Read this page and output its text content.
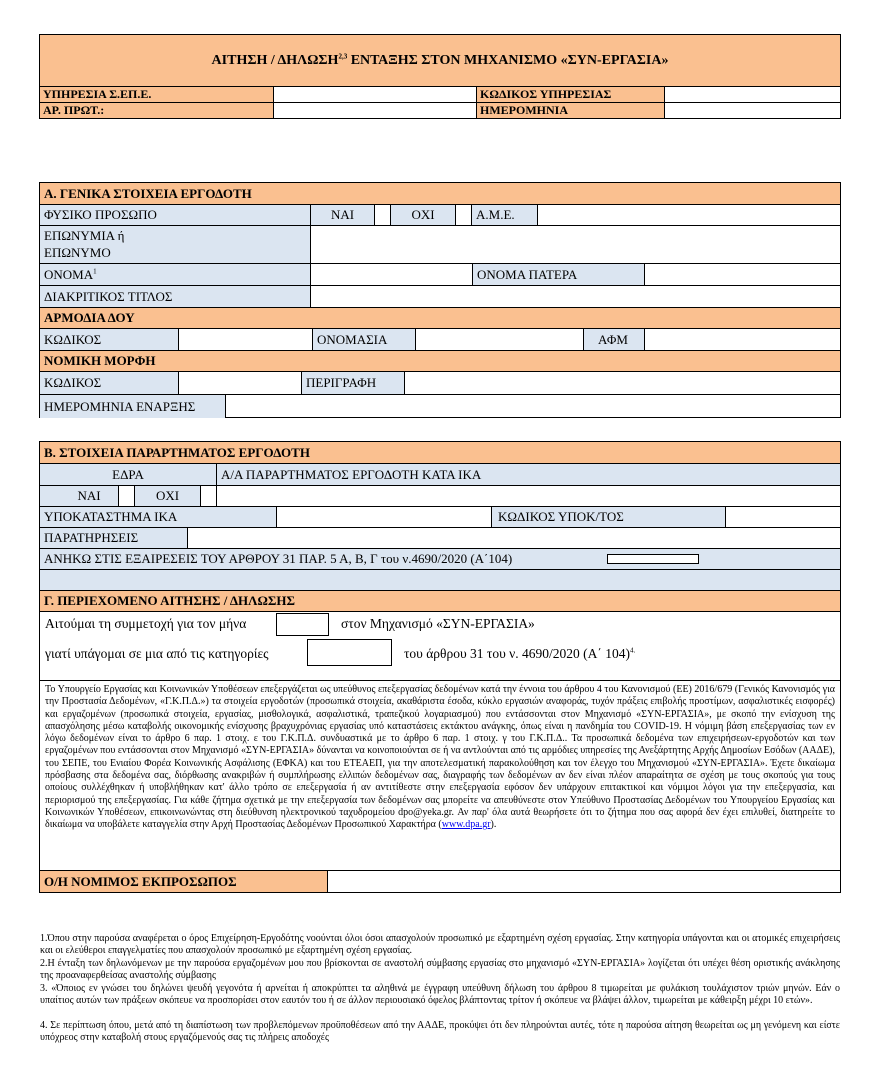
ΑΙΤΗΣΗ / ΔΗΛΩΣΗ$^{2,3}$ ΕΝΤΑΞΗΣ ΣΤΟΝ ΜΗΧΑΝΙΣΜΟ «ΣΥΝ-ΕΡΓΑΣΙΑ»
ΥΠΗΡΕΣΙΑ Σ.ΕΠ.Ε.	ΚΩΔΙΚΟΣ ΥΠΗΡΕΣΙΑΣ
ΑΡ. ΠΡΩΤ.:	ΗΜΕΡΟΜΗΝΙΑ
Α. ΓΕΝΙΚΑ ΣΤΟΙΧΕΙΑ ΕΡΓΟΔΟΤΗ
ΦΥΣΙΚΟ ΠΡΟΣΩΠΟ	ΝΑΙ	ΟΧΙ	Α.Μ.Ε.
ΕΠΩΝΥΜΙΑ ή
ΕΠΩΝΥΜΟ
ΟΝΟΜΑ$^1$	ΟΝΟΜΑ ΠΑΤΕΡΑ
ΔΙΑΚΡΙΤΙΚΟΣ ΤΙΤΛΟΣ
ΑΡΜΟΔΙΑ ΔΟΥ
ΚΩΔΙΚΟΣ	ΟΝΟΜΑΣΙΑ	ΑΦΜ
ΝΟΜΙΚΗ ΜΟΡΦΗ
ΚΩΔΙΚΟΣ	ΠΕΡΙΓΡΑΦΗ
ΗΜΕΡΟΜΗΝΙΑ ΕΝΑΡΞΗΣ
Β. ΣΤΟΙΧΕΙΑ ΠΑΡΑΡΤΗΜΑΤΟΣ ΕΡΓΟΔΟΤΗ
ΕΔΡΑ	Α/Α ΠΑΡΑΡΤΗΜΑΤΟΣ ΕΡΓΟΔΟΤΗ ΚΑΤΑ ΙΚΑ
ΝΑΙ	ΟΧΙ
ΥΠΟΚΑΤΑΣΤΗΜΑ ΙΚΑ	ΚΩΔΙΚΟΣ ΥΠΟΚ/ΤΟΣ
ΠΑΡΑΤΗΡΗΣΕΙΣ
ΑΝΗΚΩ ΣΤΙΣ ΕΞΑΙΡΕΣΕΙΣ ΤΟΥ ΑΡΘΡΟΥ 31 ΠΑΡ. 5 Α, Β, Γ του ν.4690/2020 (Α΄104)
Γ. ΠΕΡΙΕΧΟΜΕΝΟ ΑΙΤΗΣΗΣ / ΔΗΛΩΣΗΣ
Αιτούμαι τη συμμετοχή για τον μήνα	στον Μηχανισμό «ΣΥΝ-ΕΡΓΑΣΙΑ»
γιατί υπάγομαι σε μια από τις κατηγορίες	του άρθρου 31 του ν. 4690/2020 (Α΄ 104)$^{4.}$
Το Υπουργείο Εργασίας και Κοινωνικών Υποθέσεων επεξεργάζεται ως υπεύθυνος επεξεργασίας δεδομένων κατά την έννοια του άρθρου 4 του Κανονισμού (ΕΕ) 2016/679 (Γενικός Κανονισμός για την Προστασία Δεδομένων, «Γ.Κ.Π.Δ.») τα στοιχεία εργοδοτών (προσωπικά στοιχεία, ακαθάριστα έσοδα, κύκλο εργασιών αναφοράς, τυχόν πράξεις επιβολής προστίμων, ασφαλιστικές εισφορές) και εργαζομένων (προσωπικά στοιχεία, εργασίας, μισθολογικά, ασφαλιστικά, τραπεζικού λογαριασμού) που εντάσσονται στον Μηχανισμό «ΣΥΝ-ΕΡΓΑΣΙΑ», με σκοπό την ενίσχυση της απασχόλησης μέσω καταβολής οικονομικής ενίσχυσης βραχυχρόνιας εργασίας υπό καταστάσεις εκτάκτου ανάγκης, όπως είναι η πανδημία του COVID-19. Η νόμιμη βάση επεξεργασίας των εν λόγω δεδομένων είναι το άρθρο 6 παρ. 1 στοιχ. ε του Γ.Κ.Π.Δ. συνδυαστικά με το άρθρο 6 παρ. 1 στοιχ. γ του Γ.Κ.Π.Δ.. Τα προσωπικά δεδομένα των επιχειρήσεων-εργοδοτών και των εργαζομένων που εντάσσονται στον Μηχανισμό «ΣΥΝ-ΕΡΓΑΣΙΑ» δύνανται να κοινοποιούνται σε ή να αντλούνται από τις αρμόδιες υπηρεσίες της Ανεξάρτητης Αρχής Δημοσίων Εσόδων (ΑΑΔΕ), του ΣΕΠΕ, του Ενιαίου Φορέα Κοινωνικής Ασφάλισης (ΕΦΚΑ) και του ΕΤΕΑΕΠ, για την αποτελεσματική παρακολούθηση και τον έλεγχο του Μηχανισμού «ΣΥΝ-ΕΡΓΑΣΙΑ». Έχετε δικαίωμα πρόσβασης στα δεδομένα σας, διόρθωσης ανακριβών ή συμπλήρωσης ελλιπών δεδομένων σας, διαγραφής των δεδομένων αν δεν είναι πλέον απαραίτητα σε σχέση με τους σκοπούς για τους οποίους συλλέχθηκαν ή υποβλήθηκαν κατ' άλλο τρόπο σε επεξεργασία ή αν αντιτίθεστε στην επεξεργασία εφόσον δεν υπάρχουν επιτακτικοί και νόμιμοι λόγοι για την επεξεργασία, και περιορισμού της επεξεργασίας. Για κάθε ζήτημα σχετικά με την επεξεργασία των δεδομένων σας μπορείτε να απευθύνεστε στον Υπεύθυνο Προστασίας Δεδομένων του Υπουργείου Εργασίας και Κοινωνικών Υποθέσεων, επικοινωνώντας στη διεύθυνση ηλεκτρονικού ταχυδρομείου dpo@yeka.gr. Αν παρ' όλα αυτά θεωρήσετε ότι το ζήτημα που σας αφορά δεν έχει επιλυθεί, διατηρείτε το δικαίωμα να υποβάλετε καταγγελία στην Αρχή Προστασίας Δεδομένων Προσωπικού Χαρακτήρα (www.dpa.gr).
Ο/Η ΝΟΜΙΜΟΣ ΕΚΠΡΟΣΩΠΟΣ
1.Όπου στην παρούσα αναφέρεται ο όρος Επιχείρηση-Εργοδότης νοούνται όλοι όσοι απασχολούν προσωπικό με εξαρτημένη σχέση εργασίας. Στην κατηγορία υπάγονται και οι ατομικές επιχειρήσεις και οι ελεύθεροι επαγγελματίες που απασχολούν προσωπικό με εξαρτημένη σχέση εργασίας.
2.Η ένταξη των δηλωνόμενων με την παρούσα εργαζομένων μου που βρίσκονται σε αναστολή σύμβασης εργασίας στο μηχανισμό «ΣΥΝ-ΕΡΓΑΣΙΑ» λογίζεται ότι υπέχει θέση οριστικής ανάκλησης της προαναφερθείσας αναστολής σύμβασης
3. «Όποιος εν γνώσει του δηλώνει ψευδή γεγονότα ή αρνείται ή αποκρύπτει τα αληθινά με έγγραφη υπεύθυνη δήλωση του άρθρου 8 τιμωρείται με φυλάκιση τουλάχιστον τριών μηνών. Εάν ο υπαίτιος αυτών των πράξεων σκόπευε να προσπορίσει στον εαυτόν του ή σε άλλον περιουσιακό όφελος βλάπτοντας τρίτον ή σκόπευε να βλάψει άλλον, τιμωρείται με κάθειρξη μέχρι 10 ετών».
4. Σε περίπτωση όπου, μετά από τη διαπίστωση των προβλεπόμενων προϋποθέσεων από την ΑΑΔΕ, προκύψει ότι δεν πληρούνται αυτές, τότε η παρούσα αίτηση θεωρείται ως μη γενόμενη και είστε υπόχρεος στην καταβολή στους εργαζόμενούς σας τις πλήρεις αποδοχές
